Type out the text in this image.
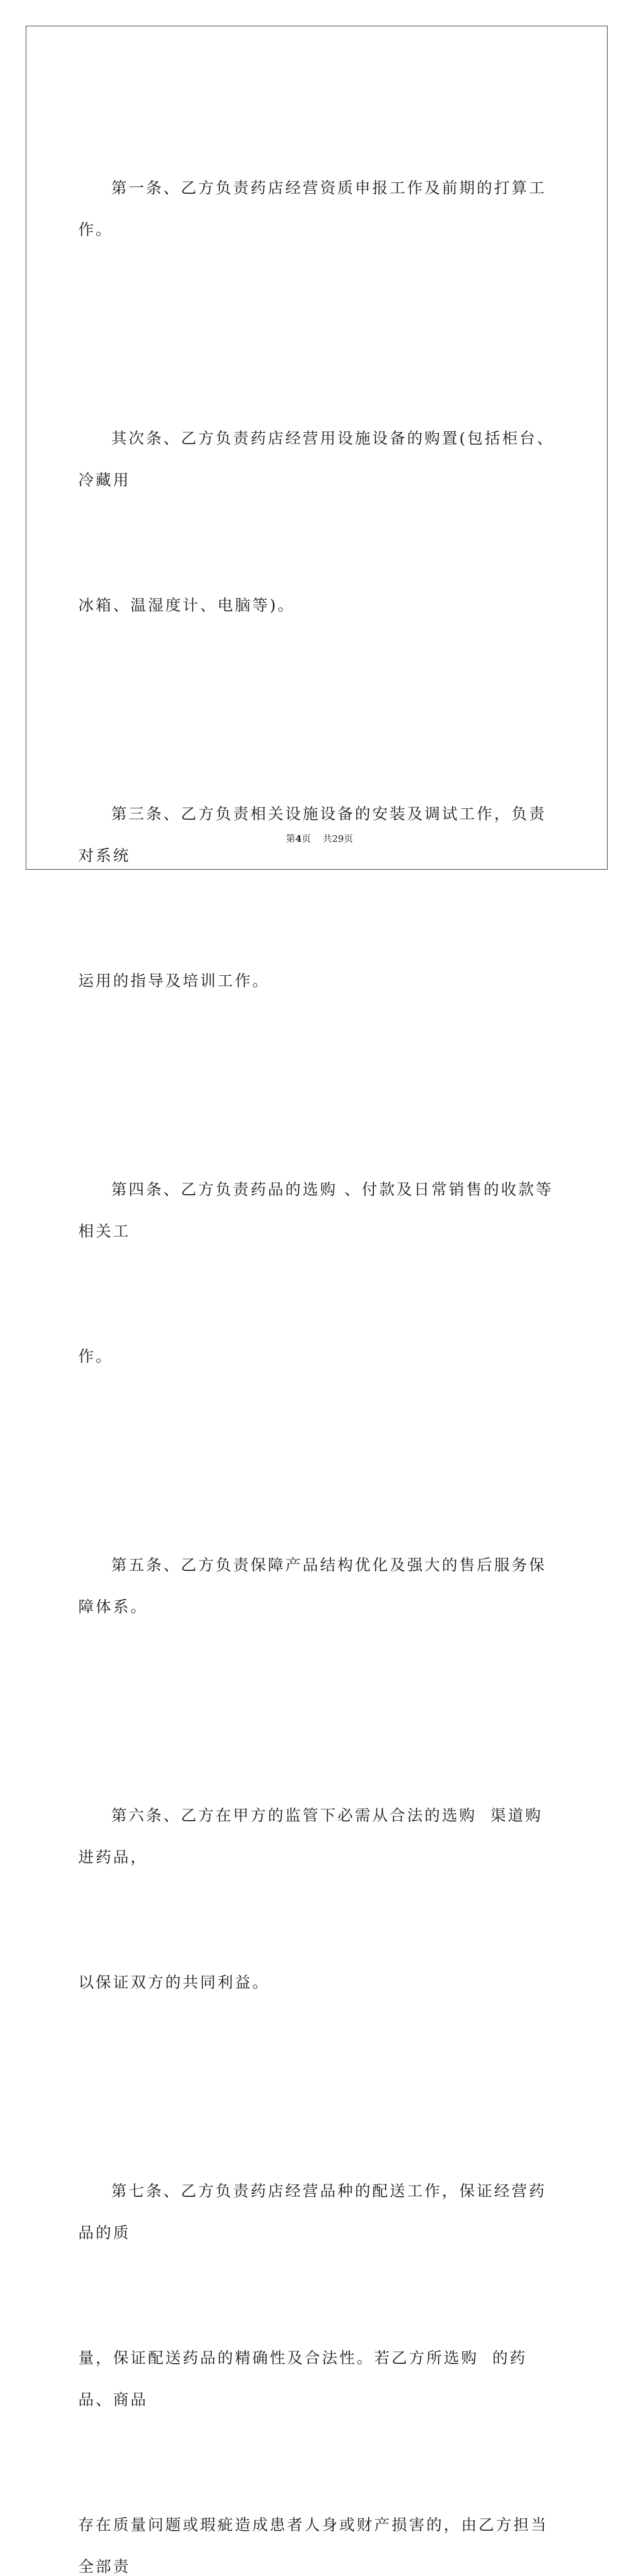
第一条、乙方负责药店经营资质申报工作及前期的打算工作。

其次条、乙方负责药店经营用设施设备的购置(包括柜台、冷藏用

冰箱、温湿度计、电脑等)。

第三条、乙方负责相关设施设备的安装及调试工作，负责对系统

运用的指导及培训工作。

第四条、乙方负责药品的选购 、付款及日常销售的收款等相关工

作。

第五条、乙方负责保障产品结构优化及强大的售后服务保障体系。

第六条、乙方在甲方的监管下必需从合法的选购  渠道购进药品，

以保证双方的共同利益。

第七条、乙方负责药店经营品种的配送工作，保证经营药品的质

量，保证配送药品的精确性及合法性。若乙方所选购  的药品、商品

存在质量问题或瑕疵造成患者人身或财产损害的，由乙方担当全部责

第4页 共29页
